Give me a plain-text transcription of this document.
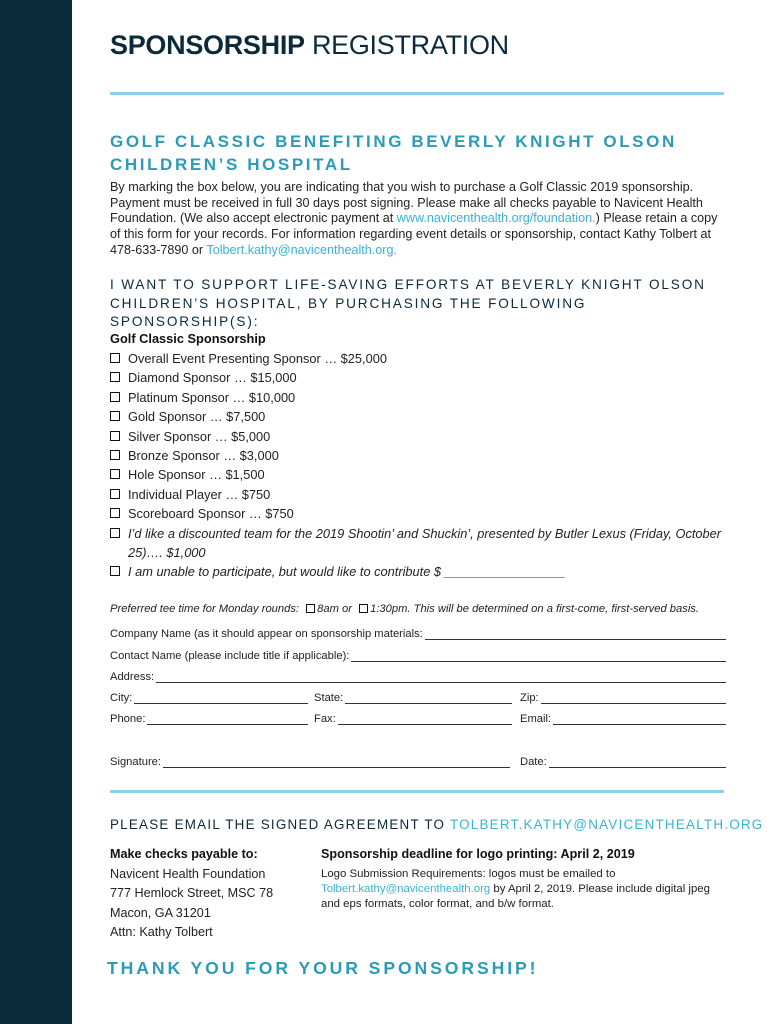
SPONSORSHIP REGISTRATION
GOLF CLASSIC BENEFITING BEVERLY KNIGHT OLSON CHILDREN’S HOSPITAL
By marking the box below, you are indicating that you wish to purchase a Golf Classic 2019 sponsorship. Payment must be received in full 30 days post signing. Please make all checks payable to Navicent Health Foundation. (We also accept electronic payment at www.navicenthealth.org/foundation.) Please retain a copy of this form for your records. For information regarding event details or sponsorship, contact Kathy Tolbert at 478-633-7890 or Tolbert.kathy@navicenthealth.org.
I WANT TO SUPPORT LIFE-SAVING EFFORTS AT BEVERLY KNIGHT OLSON CHILDREN’S HOSPITAL, BY PURCHASING THE FOLLOWING SPONSORSHIP(S):
Golf Classic Sponsorship
Overall Event Presenting Sponsor … $25,000
Diamond Sponsor … $15,000
Platinum Sponsor … $10,000
Gold Sponsor … $7,500
Silver Sponsor … $5,000
Bronze Sponsor … $3,000
Hole Sponsor … $1,500
Individual Player … $750
Scoreboard Sponsor … $750
I’d like a discounted team for the 2019 Shootin’ and Shuckin’, presented by Butler Lexus (Friday, October 25)…. $1,000
I am unable to participate, but would like to contribute $ _________________
Preferred tee time for Monday rounds: 8am or 1:30pm. This will be determined on a first-come, first-served basis.
Company Name (as it should appear on sponsorship materials:
Contact Name (please include title if applicable):
Address:
City:	State:	Zip:
Phone:	Fax:	Email:
Signature:	Date:
PLEASE EMAIL THE SIGNED AGREEMENT TO TOLBERT.KATHY@NAVICENTHEALTH.ORG
Make checks payable to:
Navicent Health Foundation
777 Hemlock Street, MSC 78
Macon, GA 31201
Attn: Kathy Tolbert
Sponsorship deadline for logo printing: April 2, 2019
Logo Submission Requirements: logos must be emailed to
Tolbert.kathy@navicenthealth.org by April 2, 2019. Please include digital jpeg and eps formats, color format, and b/w format.
THANK YOU FOR YOUR SPONSORSHIP!
